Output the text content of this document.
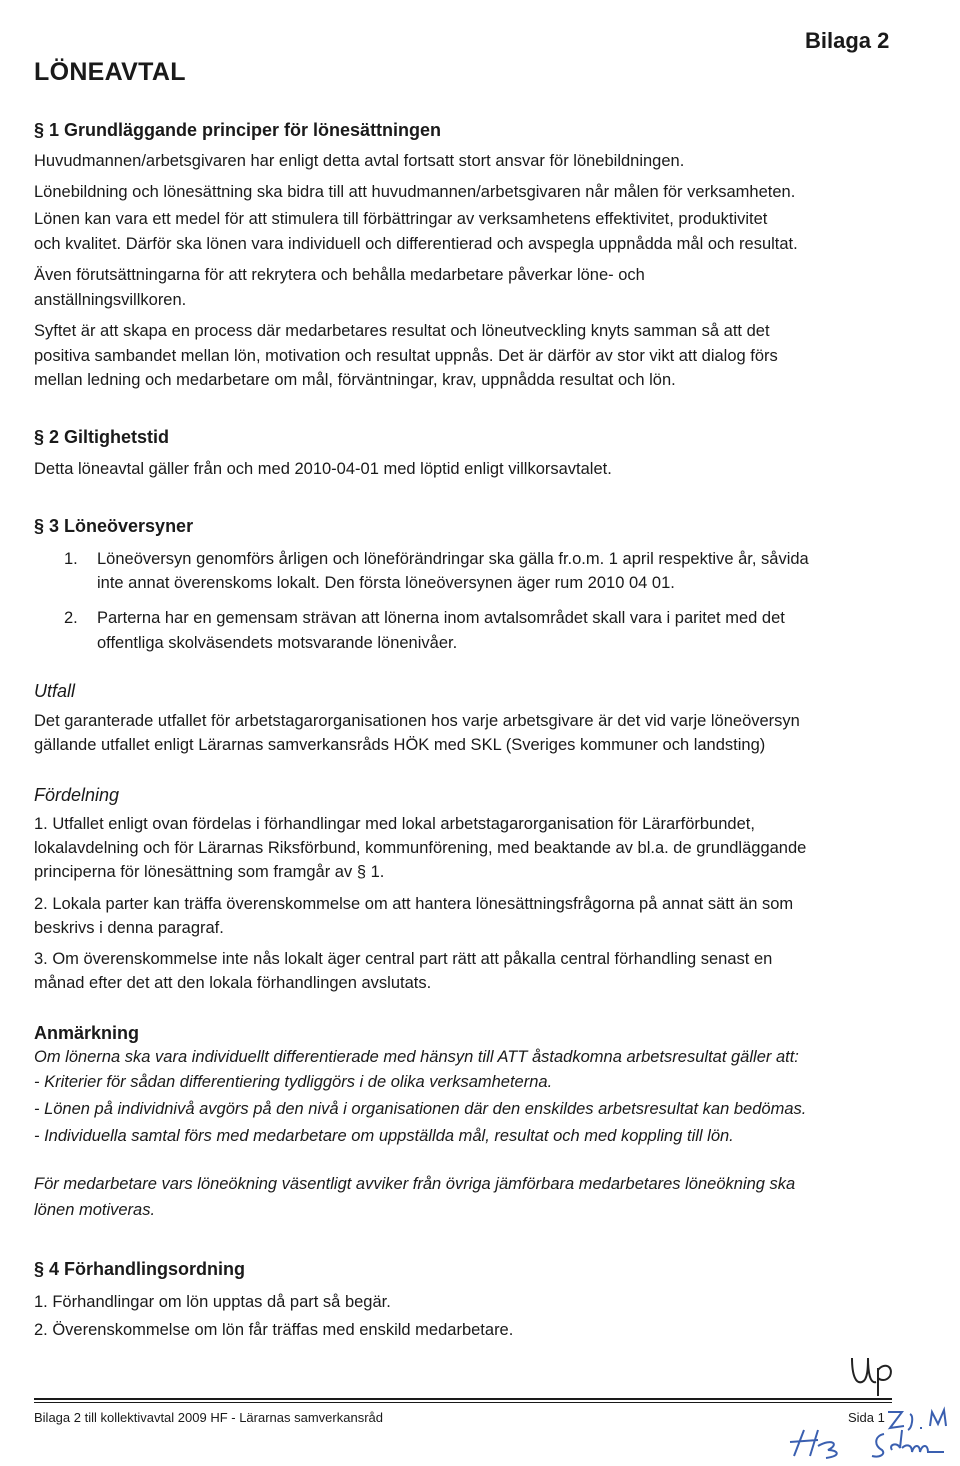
LÖNEAVTAL
Bilaga 2
§ 1 Grundläggande principer för lönesättningen
Huvudmannen/arbetsgivaren har enligt detta avtal fortsatt stort ansvar för lönebildningen.
Lönebildning och lönesättning ska bidra till att huvudmannen/arbetsgivaren når målen för verksamheten.
Lönen kan vara ett medel för att stimulera till förbättringar av verksamhetens effektivitet, produktivitet
och kvalitet. Därför ska lönen vara individuell och differentierad och avspegla uppnådda mål och resultat.
Även förutsättningarna för att rekrytera och behålla medarbetare påverkar löne- och
anställningsvillkoren.
Syftet är att skapa en process där medarbetares resultat och löneutveckling knyts samman så att det
positiva sambandet mellan lön, motivation och resultat uppnås. Det är därför av stor vikt att dialog förs
mellan ledning och medarbetare om mål, förväntningar, krav, uppnådda resultat och lön.
§ 2 Giltighetstid
Detta löneavtal gäller från och med 2010-04-01 med löptid enligt villkorsavtalet.
§ 3 Löneöversyner
1. Löneöversyn genomförs årligen och löneförändringar ska gälla fr.o.m. 1 april respektive år, såvida
inte annat överenskoms lokalt. Den första löneöversynen äger rum 2010 04 01.
2. Parterna har en gemensam strävan att lönerna inom avtalsområdet skall vara i paritet med det
offentliga skolväsendets motsvarande lönenivåer.
Utfall
Det garanterade utfallet för arbetstagarorganisationen hos varje arbetsgivare är det vid varje löneöversyn
gällande utfallet enligt Lärarnas samverkansråds HÖK med SKL (Sveriges kommuner och landsting)
Fördelning
1. Utfallet enligt ovan fördelas i förhandlingar med lokal arbetstagarorganisation för Lärarförbundet,
lokalavdelning och för Lärarnas Riksförbund, kommunförening, med beaktande av bl.a. de grundläggande
principerna för lönesättning som framgår av § 1.
2. Lokala parter kan träffa överenskommelse om att hantera lönesättningsfrågorna på annat sätt än som
beskrivs i denna paragraf.
3. Om överenskommelse inte nås lokalt äger central part rätt att påkalla central förhandling senast en
månad efter det att den lokala förhandlingen avslutats.
Anmärkning
Om lönerna ska vara individuellt differentierade med hänsyn till ATT åstadkomna arbetsresultat gäller att:
- Kriterier för sådan differentiering tydliggörs i de olika verksamheterna.
- Lönen på individnivå avgörs på den nivå i organisationen där den enskildes arbetsresultat kan bedömas.
- Individuella samtal förs med medarbetare om uppställda mål, resultat och med koppling till lön.
För medarbetare vars löneökning väsentligt avviker från övriga jämförbara medarbetares löneökning ska
lönen motiveras.
§ 4 Förhandlingsordning
1. Förhandlingar om lön upptas då part så begär.
2. Överenskommelse om lön får träffas med enskild medarbetare.
Bilaga 2 till kollektivavtal 2009 HF - Lärarnas samverkansråd	Sida 1
